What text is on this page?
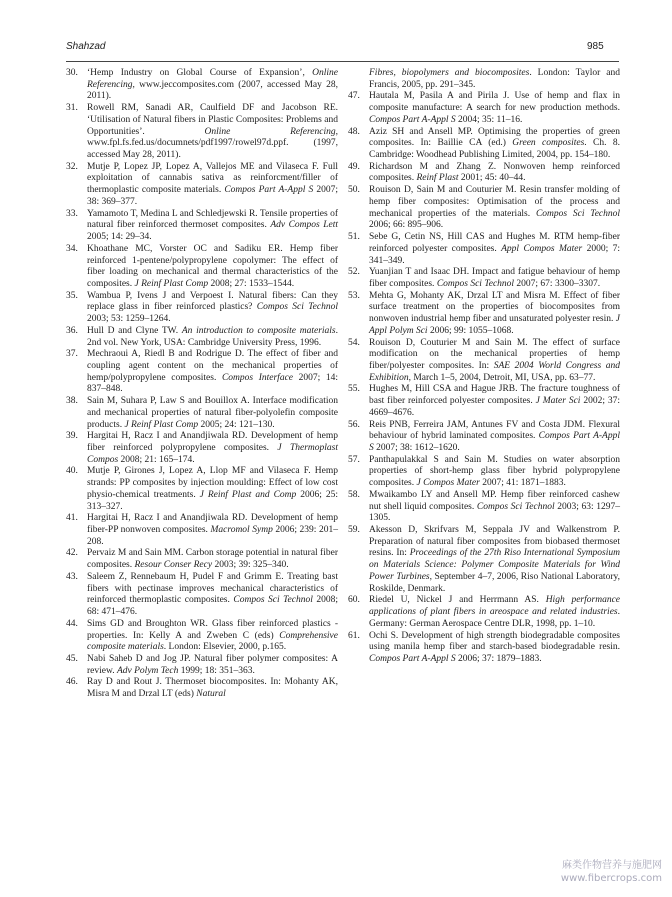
Shahzad	985
30. ‘Hemp Industry on Global Course of Expansion’, Online Referencing, www.jeccomposites.com (2007, accessed May 28, 2011).
31. Rowell RM, Sanadi AR, Caulfield DF and Jacobson RE. ‘Utilisation of Natural fibers in Plastic Composites: Problems and Opportunities’. Online Referencing, www.fpl.fs.fed.us/documnets/pdf1997/rowel97d.ppf. (1997, accessed May 28, 2011).
32. Mutje P, Lopez JP, Lopez A, Vallejos ME and Vilaseca F. Full exploitation of cannabis sativa as reinforcment/filler of thermoplastic composite materials. Compos Part A-Appl S 2007; 38: 369–377.
33. Yamamoto T, Medina L and Schledjewski R. Tensile properties of natural fiber reinforced thermoset composites. Adv Compos Lett 2005; 14: 29–34.
34. Khoathane MC, Vorster OC and Sadiku ER. Hemp fiber reinforced 1-pentene/polypropylene copolymer: The effect of fiber loading on mechanical and thermal characteristics of the composites. J Reinf Plast Comp 2008; 27: 1533–1544.
35. Wambua P, Ivens J and Verpoest I. Natural fibers: Can they replace glass in fiber reinforced plastics? Compos Sci Technol 2003; 53: 1259–1264.
36. Hull D and Clyne TW. An introduction to composite materials. 2nd vol. New York, USA: Cambridge University Press, 1996.
37. Mechraoui A, Riedl B and Rodrigue D. The effect of fiber and coupling agent content on the mechanical properties of hemp/polypropylene composites. Compos Interface 2007; 14: 837–848.
38. Sain M, Suhara P, Law S and Bouillox A. Interface modification and mechanical properties of natural fiber-polyolefin composite products. J Reinf Plast Comp 2005; 24: 121–130.
39. Hargitai H, Racz I and Anandjiwala RD. Development of hemp fiber reinforced polypropylene composites. J Thermoplast Compos 2008; 21: 165–174.
40. Mutje P, Girones J, Lopez A, Llop MF and Vilaseca F. Hemp strands: PP composites by injection moulding: Effect of low cost physio-chemical treatments. J Reinf Plast and Comp 2006; 25: 313–327.
41. Hargitai H, Racz I and Anandjiwala RD. Development of hemp fiber-PP nonwoven composites. Macromol Symp 2006; 239: 201–208.
42. Pervaiz M and Sain MM. Carbon storage potential in natural fiber composites. Resour Conser Recy 2003; 39: 325–340.
43. Saleem Z, Rennebaum H, Pudel F and Grimm E. Treating bast fibers with pectinase improves mechanical characteristics of reinforced thermoplastic composites. Compos Sci Technol 2008; 68: 471–476.
44. Sims GD and Broughton WR. Glass fiber reinforced plastics - properties. In: Kelly A and Zweben C (eds) Comprehensive composite materials. London: Elsevier, 2000, p.165.
45. Nabi Saheb D and Jog JP. Natural fiber polymer composites: A review. Adv Polym Tech 1999; 18: 351–363.
46. Ray D and Rout J. Thermoset biocomposites. In: Mohanty AK, Misra M and Drzal LT (eds) Natural
Fibres, biopolymers and biocomposites. London: Taylor and Francis, 2005, pp. 291–345.
47. Hautala M, Pasila A and Pirila J. Use of hemp and flax in composite manufacture: A search for new production methods. Compos Part A-Appl S 2004; 35: 11–16.
48. Aziz SH and Ansell MP. Optimising the properties of green composites. In: Baillie CA (ed.) Green composites. Ch. 8. Cambridge: Woodhead Publishing Limited, 2004, pp. 154–180.
49. Richardson M and Zhang Z. Nonwoven hemp reinforced composites. Reinf Plast 2001; 45: 40–44.
50. Rouison D, Sain M and Couturier M. Resin transfer molding of hemp fiber composites: Optimisation of the process and mechanical properties of the materials. Compos Sci Technol 2006; 66: 895–906.
51. Sebe G, Cetin NS, Hill CAS and Hughes M. RTM hemp-fiber reinforced polyester composites. Appl Compos Mater 2000; 7: 341–349.
52. Yuanjian T and Isaac DH. Impact and fatigue behaviour of hemp fiber composites. Compos Sci Technol 2007; 67: 3300–3307.
53. Mehta G, Mohanty AK, Drzal LT and Misra M. Effect of fiber surface treatment on the properties of biocomposites from nonwoven industrial hemp fiber and unsaturated polyester resin. J Appl Polym Sci 2006; 99: 1055–1068.
54. Rouison D, Couturier M and Sain M. The effect of surface modification on the mechanical properties of hemp fiber/polyester composites. In: SAE 2004 World Congress and Exhibition, March 1–5, 2004, Detroit, MI, USA, pp. 63–77.
55. Hughes M, Hill CSA and Hague JRB. The fracture toughness of bast fiber reinforced polyester composites. J Mater Sci 2002; 37: 4669–4676.
56. Reis PNB, Ferreira JAM, Antunes FV and Costa JDM. Flexural behaviour of hybrid laminated composites. Compos Part A-Appl S 2007; 38: 1612–1620.
57. Panthapulakkal S and Sain M. Studies on water absorption properties of short-hemp glass fiber hybrid polypropylene composites. J Compos Mater 2007; 41: 1871–1883.
58. Mwaikambo LY and Ansell MP. Hemp fiber reinforced cashew nut shell liquid composites. Compos Sci Technol 2003; 63: 1297–1305.
59. Akesson D, Skrifvars M, Seppala JV and Walkenstrom P. Preparation of natural fiber composites from biobased thermoset resins. In: Proceedings of the 27th Riso International Symposium on Materials Science: Polymer Composite Materials for Wind Power Turbines, September 4–7, 2006, Riso National Laboratory, Roskilde, Denmark.
60. Riedel U, Nickel J and Herrmann AS. High performance applications of plant fibers in areospace and related industries. Germany: German Aerospace Centre DLR, 1998, pp. 1–10.
61. Ochi S. Development of high strength biodegradable composites using manila hemp fiber and starch-based biodegradable resin. Compos Part A-Appl S 2006; 37: 1879–1883.
麻类作物营养与施肥网
www.fibercrops.com
